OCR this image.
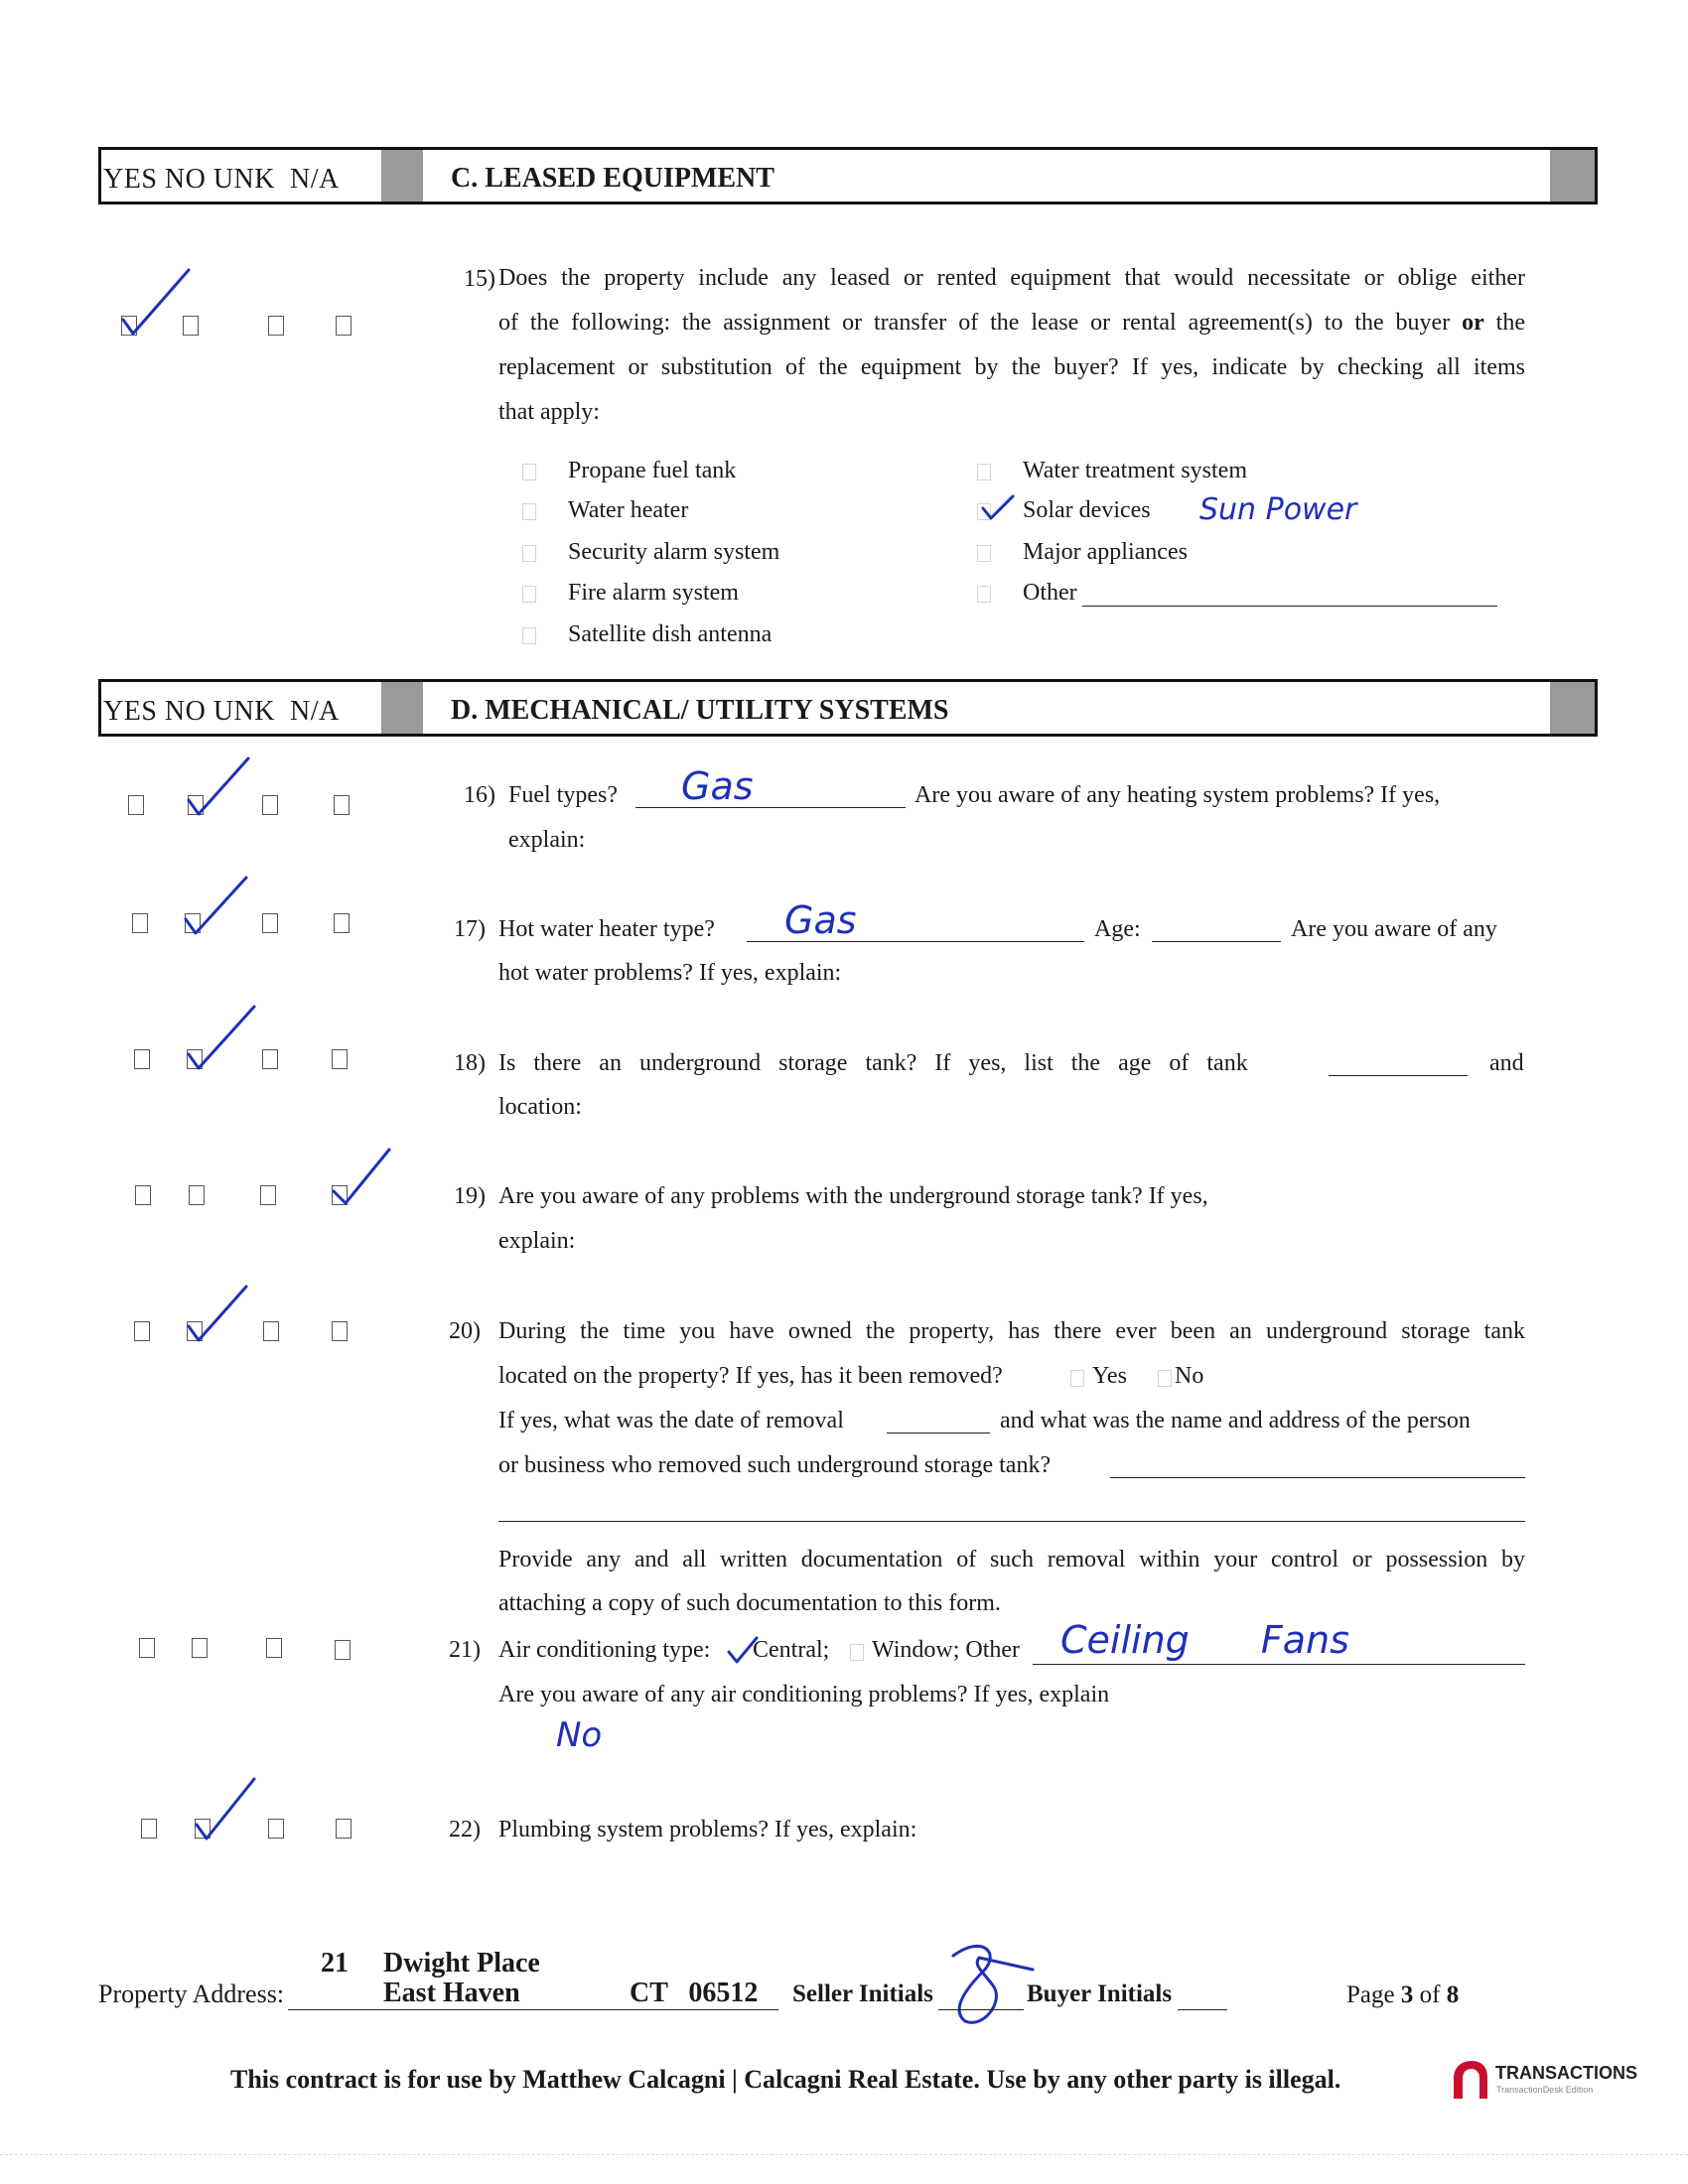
YES NO UNK  N/A	C. LEASED EQUIPMENT
15) Does the property include any leased or rented equipment that would necessitate or oblige either
of the following: the assignment or transfer of the lease or rental agreement(s) to the buyer or the
replacement or substitution of the equipment by the buyer? If yes, indicate by checking all items
that apply:
Propane fuel tank
Water heater
Security alarm system
Fire alarm system
Satellite dish antenna
Water treatment system
Solar devices Sun Power
Major appliances
Other
YES NO UNK  N/A	D. MECHANICAL/ UTILITY SYSTEMS
16) Fuel types? Gas	Are you aware of any heating system problems? If yes,
explain:
17) Hot water heater type? Gas	Age:	Are you aware of any
hot water problems? If yes, explain:
18) Is   there   an   underground   storage   tank?   If   yes,   list   the   age   of   tank	and
location:
19) Are you aware of any problems with the underground storage tank? If yes,
explain:
20) During the time you have owned the property, has there ever been an underground storage tank
located on the property? If yes, has it been removed?	Yes No
If yes, what was the date of removal	and what was the name and address of the person
or business who removed such underground storage tank?
Provide any and all written documentation of such removal within your control or possession by
attaching a copy of such documentation to this form.
21) Air conditioning type: Central; Window; Other Ceiling Fans
Are you aware of any air conditioning problems? If yes, explain
No
22) Plumbing system problems? If yes, explain:
21     Dwight Place
Property Address:	East Haven	CT   06512 Seller Initials	Buyer Initials	Page 3 of 8
This contract is for use by Matthew Calcagni | Calcagni Real Estate. Use by any other party is illegal.	TRANSACTIONS
TransactionDesk Edition
